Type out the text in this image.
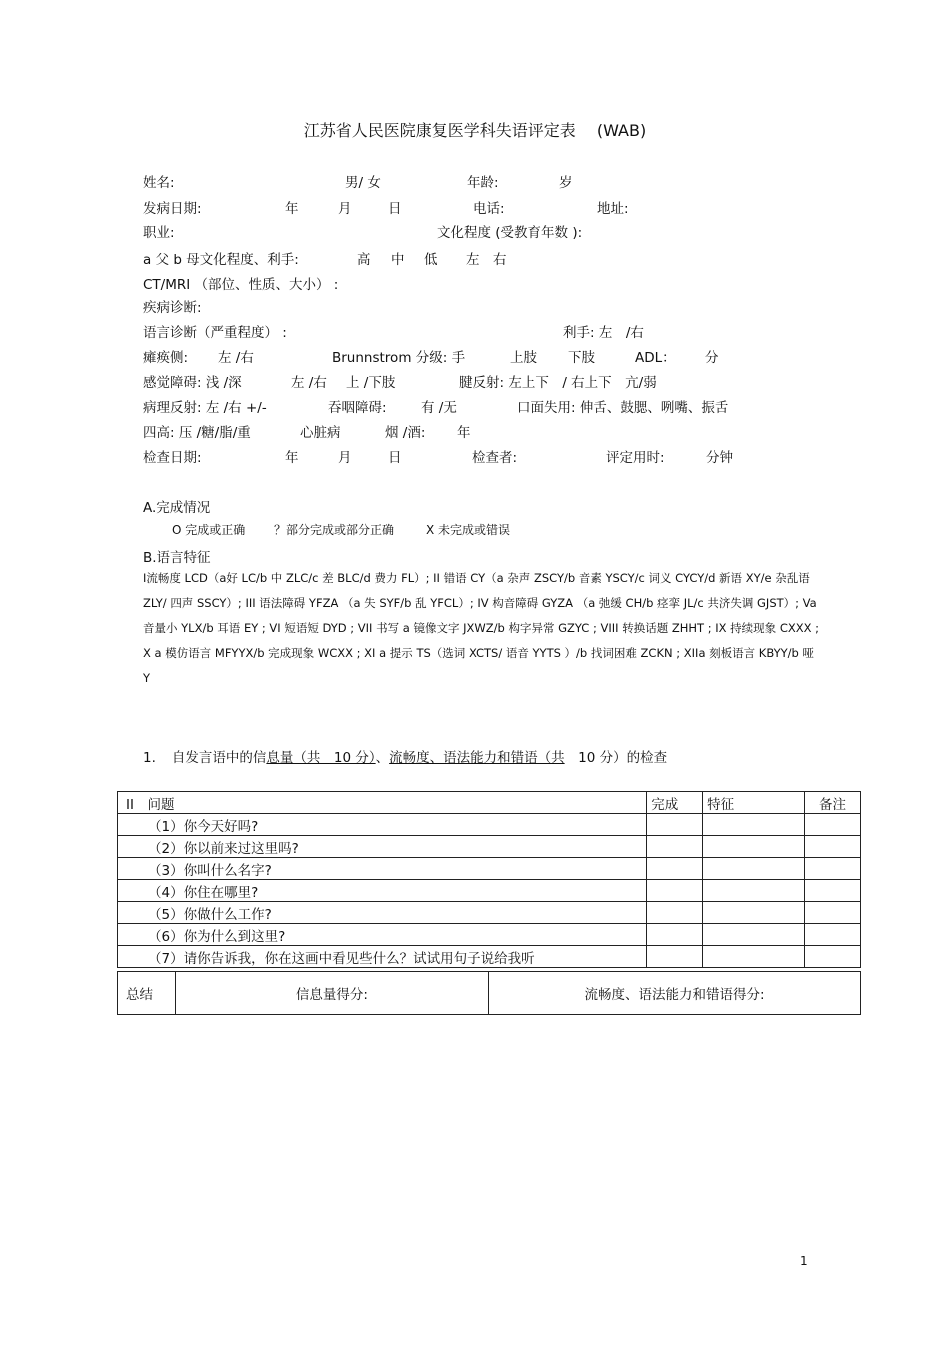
江苏省人民医院康复医学科失语评定表　 (WAB)
姓名:	男/ 女	年龄:	岁
发病日期:	年	月	日	电话:	地址:
职业:	文化程度 (受教育年数 ):
a 父 b 母文化程度、利手:	高 中 低 左 右
CT/MRI （部位、性质、大小） :
疾病诊断:
语言诊断（严重程度） :	利手: 左　/右
瘫痪侧: 左 /右	Brunnstrom 分级: 手	上肢 下肢	ADL： 分
感觉障碍: 浅 /深	左 /右 上 /下肢	腱反射: 左上下　/ 右上下　亢/弱
病理反射: 左 /右 +/-	吞咽障碍:	有 /无	口面失用: 伸舌、鼓腮、咧嘴、振舌
四高: 压 /糖/脂/重	心脏病	烟 /酒: 年
检查日期:	年	月	日	检查者:	评定用时:	分钟
A.完成情况
O 完成或正确 ？部分完成或部分正确	X 未完成或错误
B.语言特征
I流畅度 LCD（a好 LC/b 中 ZLC/c 差 BLC/d 费力 FL）; II 错语 CY（a 杂声 ZSCY/b 音素 YSCY/c 词义 CYCY/d 新语 XY/e 杂乱语 ZLY/ 四声 SSCY）; III 语法障碍 YFZA （a 失 SYF/b 乱 YFCL）; IV 构音障碍 GYZA （a 弛缓 CH/b 痉挛 JL/c 共济失调 GJST）; Va 音量小 YLX/b 耳语 EY ; VI 短语短 DYD ; VII 书写 a 镜像文字 JXWZ/b 构字异常 GZYC ; VIII 转换话题 ZHHT ; IX 持续现象 CXXX ; X a 模仿语言 MFYYX/b 完成现象 WCXX ; XI a 提示 TS（选词 XCTS/ 语音 YYTS ）/b 找词困难 ZCKN ; XIIa 刻板语言 KBYY/b 哑 Y
1. 自发言语中的信息量（共　10 分）、流畅度、语法能力和错语（共　10 分）的检查
II　问题	完成	特征	备注
（1）你今天好吗?			
（2）你以前来过这里吗?			
（3）你叫什么名字?			
（4）你住在哪里?			
（5）你做什么工作?			
（6）你为什么到这里?			
（7）请你告诉我，你在这画中看见些什么？试试用句子说给我听			
总结	信息量得分:	流畅度、语法能力和错语得分:
1
